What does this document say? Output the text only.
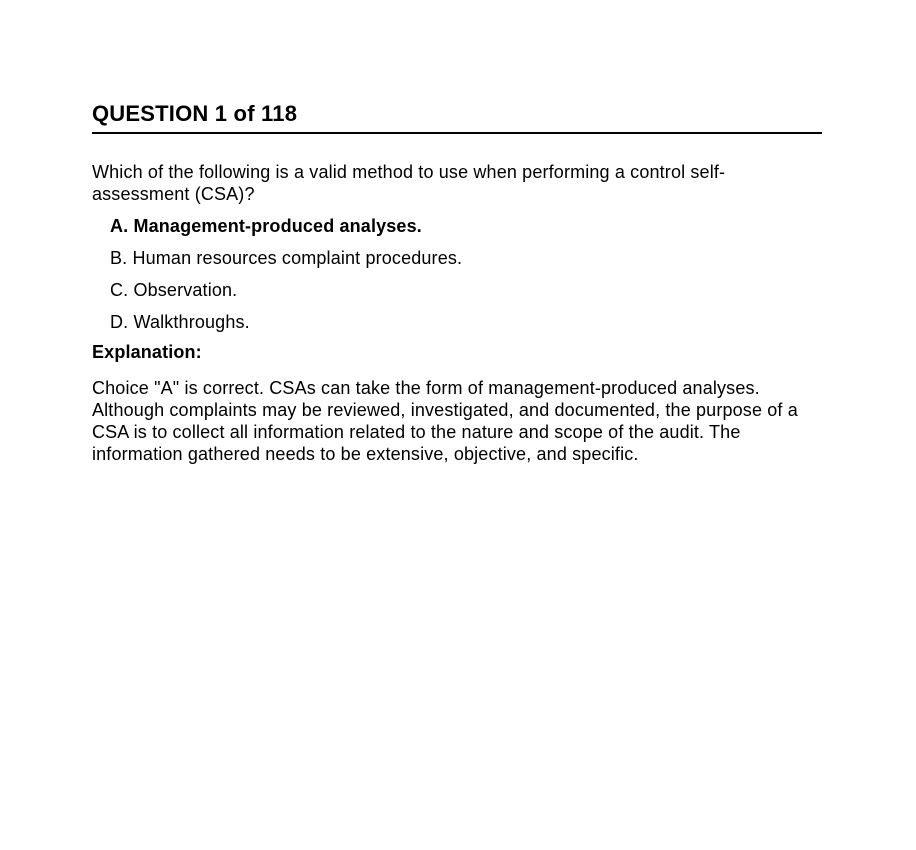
QUESTION 1 of 118

Which of the following is a valid method to use when performing a control self-assessment (CSA)?

A. Management-produced analyses.
B. Human resources complaint procedures.
C. Observation.
D. Walkthroughs.

Explanation:

Choice "A" is correct. CSAs can take the form of management-produced analyses. Although complaints may be reviewed, investigated, and documented, the purpose of a CSA is to collect all information related to the nature and scope of the audit. The information gathered needs to be extensive, objective, and specific.
